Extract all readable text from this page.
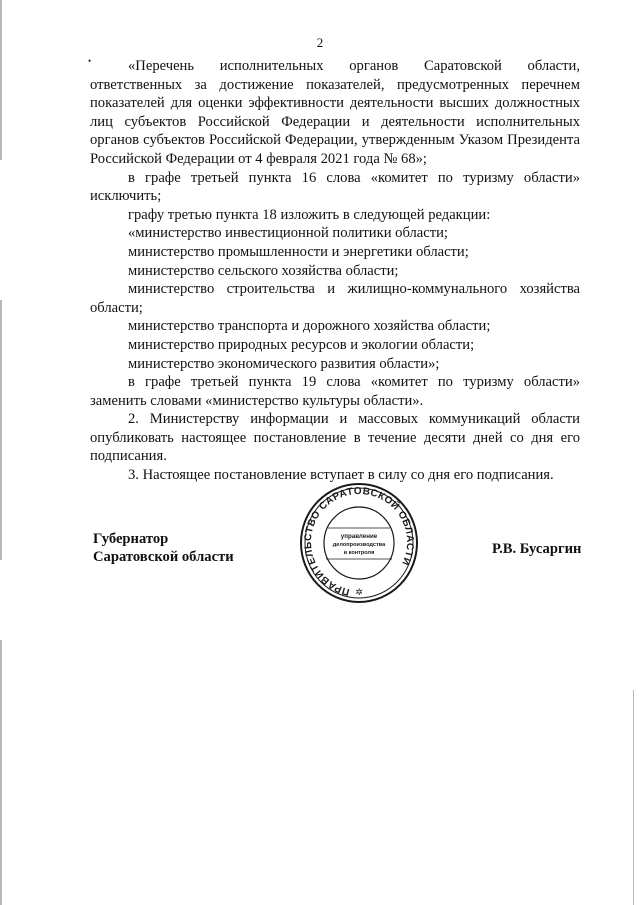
2
•	«Перечень исполнительных органов Саратовской области, ответственных за достижение показателей, предусмотренных перечнем показателей для оценки эффективности деятельности высших должностных лиц субъектов Российской Федерации и деятельности исполнительных органов субъектов Российской Федерации, утвержденным Указом Президента Российской Федерации от 4 февраля 2021 года № 68»;

в графе третьей пункта 16 слова «комитет по туризму области» исключить;

графу третью пункта 18 изложить в следующей редакции:

«министерство инвестиционной политики области;

министерство промышленности и энергетики области;

министерство сельского хозяйства области;

министерство строительства и жилищно-коммунального хозяйства области;

министерство транспорта и дорожного хозяйства области;

министерство природных ресурсов и экологии области;

министерство экономического развития области»;

в графе третьей пункта 19 слова «комитет по туризму области» заменить словами «министерство культуры области».

2. Министерству информации и массовых коммуникаций области опубликовать настоящее постановление в течение десяти дней со дня его подписания.

3. Настоящее постановление вступает в силу со дня его подписания.

Губернатор
Саратовской области	Р.В. Бусаргин
ПРАВИТЕЛЬСТВО САРАТОВСКОЙ ОБЛАСТИ
управление
делопроизводства
и контроля
✲
